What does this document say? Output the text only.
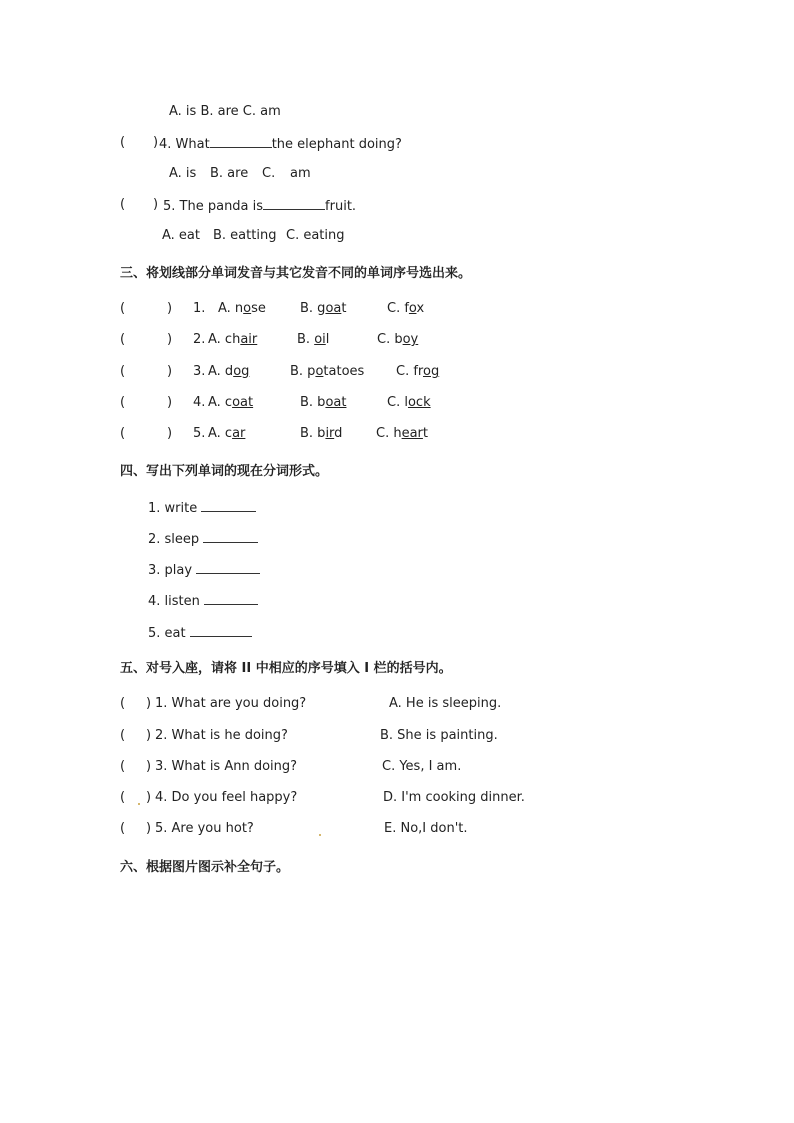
A. is B. are C. am
( ) 4. What	the elephant doing?
A. is B. are C. am
( ) 5. The panda is	fruit.
A. eat B. eatting C. eating
三、将划线部分单词发音与其它发音不同的单词序号选出来。
(	) 1. A. nose	B. goat	C. fox
(	) 2. A. chair	B. oil	C. boy
(	) 3. A. dog	B. potatoes C. frog
(	) 4. A. coat	B. boat	C. lock
(	) 5. A. car	B. bird	C. heart
四、写出下列单词的现在分词形式。
1. write
2. sleep
3. play
4. listen
5. eat
五、对号入座，请将 II 中相应的序号填入 I 栏的括号内。
( ) 1. What are you doing?	A. He is sleeping.
( ) 2. What is he doing?	B. She is painting.
( ) 3. What is Ann doing?	C. Yes, I am.
( ) 4. Do you feel happy?	D. I'm cooking dinner.
( ) 5. Are you hot?	E. No,I don't.
六、根据图片图示补全句子。
